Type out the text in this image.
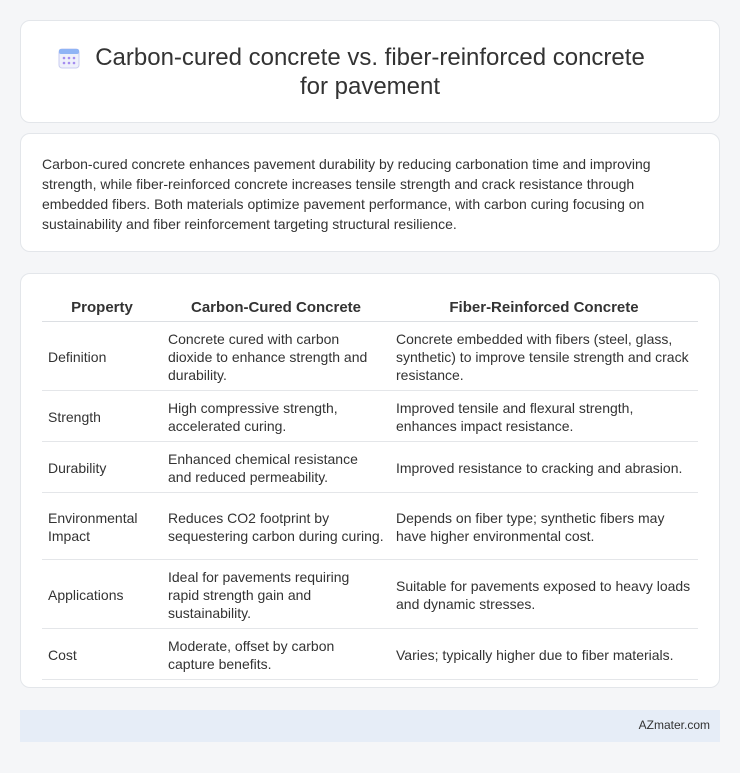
Carbon-cured concrete vs. fiber-reinforced concrete for pavement

Carbon-cured concrete enhances pavement durability by reducing carbonation time and improving strength, while fiber-reinforced concrete increases tensile strength and crack resistance through embedded fibers. Both materials optimize pavement performance, with carbon curing focusing on sustainability and fiber reinforcement targeting structural resilience.

Property	Carbon-Cured Concrete	Fiber-Reinforced Concrete
Definition	Concrete cured with carbon dioxide to enhance strength and durability.	Concrete embedded with fibers (steel, glass, synthetic) to improve tensile strength and crack resistance.
Strength	High compressive strength, accelerated curing.	Improved tensile and flexural strength, enhances impact resistance.
Durability	Enhanced chemical resistance and reduced permeability.	Improved resistance to cracking and abrasion.
Environmental Impact	Reduces CO2 footprint by sequestering carbon during curing.	Depends on fiber type; synthetic fibers may have higher environmental cost.
Applications	Ideal for pavements requiring rapid strength gain and sustainability.	Suitable for pavements exposed to heavy loads and dynamic stresses.
Cost	Moderate, offset by carbon capture benefits.	Varies; typically higher due to fiber materials.
AZmater.com
